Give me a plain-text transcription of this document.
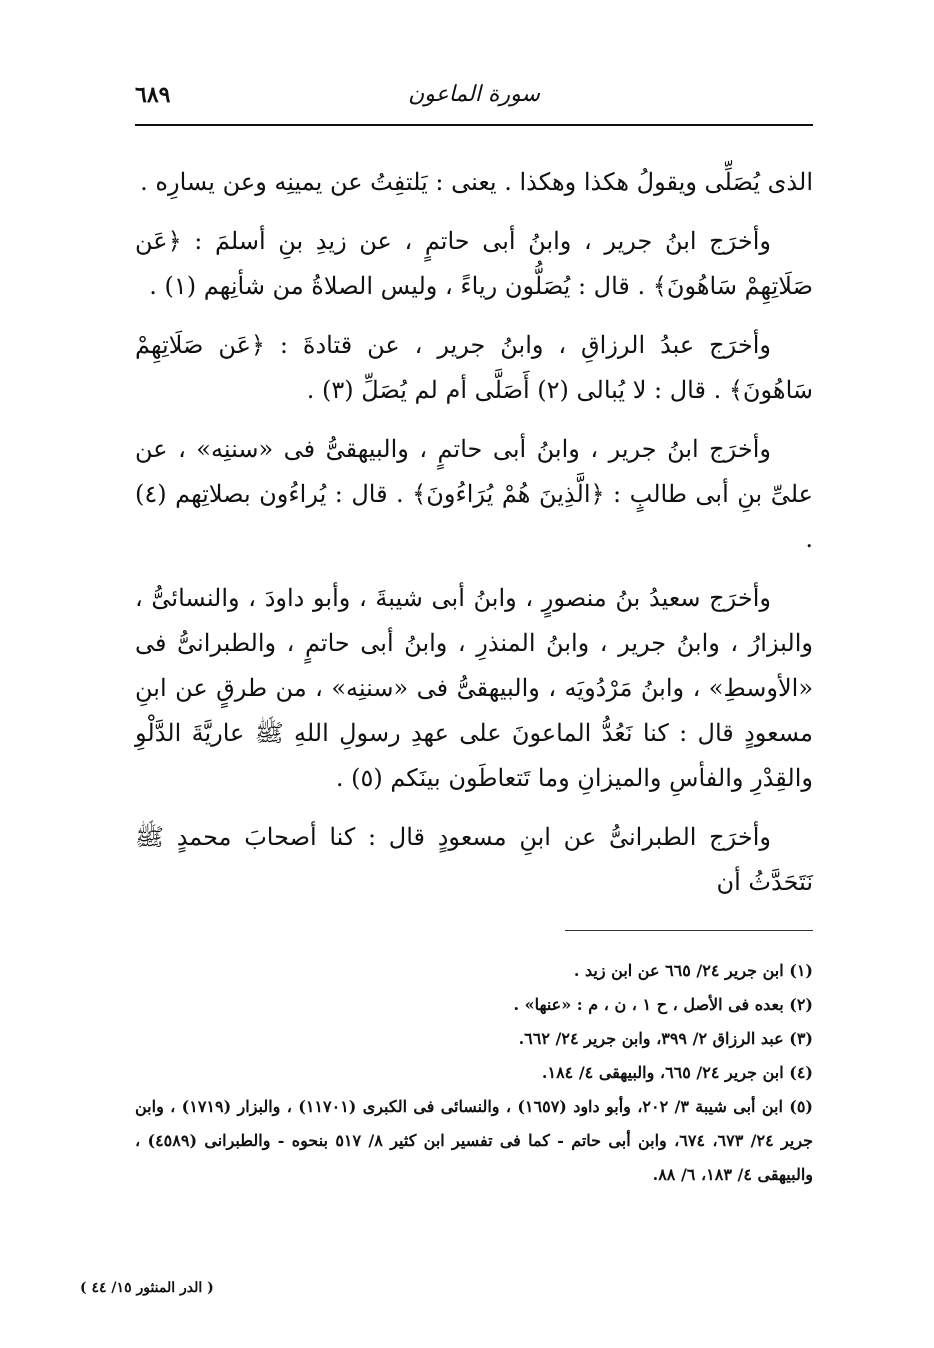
سورة الماعون
٦٨٩

الذى يُصَلِّى ويقولُ هكذا وهكذا . يعنى : يَلتفِتُ عن يمينِه وعن يسارِه .

وأخرَج ابنُ جرير ، وابنُ أبى حاتمٍ ، عن زيدِ بنِ أسلمَ : ﴿عَن صَلَاتِهِمْ سَاهُونَ﴾ . قال : يُصَلُّون رياءً ، وليس الصلاةُ من شأنِهم (١) .

وأخرَج عبدُ الرزاقِ ، وابنُ جرير ، عن قتادةَ : ﴿عَن صَلَاتِهِمْ سَاهُونَ﴾ . قال : لا يُبالى (٢) أَصَلَّى أم لم يُصَلِّ (٣) .

وأخرَج ابنُ جرير ، وابنُ أبى حاتمٍ ، والبيهقىُّ فى «سننِه» ، عن علىِّ بنِ أبى طالبٍ : ﴿الَّذِينَ هُمْ يُرَاءُونَ﴾ . قال : يُراءُون بصلاتِهم (٤) .

وأخرَج سعيدُ بنُ منصورٍ ، وابنُ أبى شيبةَ ، وأبو داودَ ، والنسائىُّ ، والبزارُ ، وابنُ جرير ، وابنُ المنذرِ ، وابنُ أبى حاتمٍ ، والطبرانىُّ فى «الأوسطِ» ، وابنُ مَرْدُويَه ، والبيهقىُّ فى «سننِه» ، من طرقٍ عن ابنِ مسعودٍ قال : كنا نَعُدُّ الماعونَ على عهدِ رسولِ اللهِ ﷺ عاريَّةَ الدَّلْوِ والقِدْرِ والفأسِ والميزانِ وما تَتعاطَون بينَكم (٥) .

وأخرَج الطبرانىُّ عن ابنِ مسعودٍ قال : كنا أصحابَ محمدٍ ﷺ نَتَحَدَّثُ أن

(١) ابن جرير ٢٤/ ٦٦٥ عن ابن زيد .

(٢) بعده فى الأصل ، ح ١ ، ن ، م : «عنها» .

(٣) عبد الرزاق ٢/ ٣٩٩، وابن جرير ٢٤/ ٦٦٢.

(٤) ابن جرير ٢٤/ ٦٦٥، والبيهقى ٤/ ١٨٤.

(٥) ابن أبى شيبة ٣/ ٢٠٢، وأبو داود (١٦٥٧) ، والنسائى فى الكبرى (١١٧٠١) ، والبزار (١٧١٩) ، وابن جرير ٢٤/ ٦٧٣، ٦٧٤، وابن أبى حاتم - كما فى تفسير ابن كثير ٨/ ٥١٧ بنحوه - والطبرانى (٤٥٨٩) ، والبيهقى ٤/ ١٨٣، ٦/ ٨٨.

( الدر المنثور ١٥/ ٤٤ )
